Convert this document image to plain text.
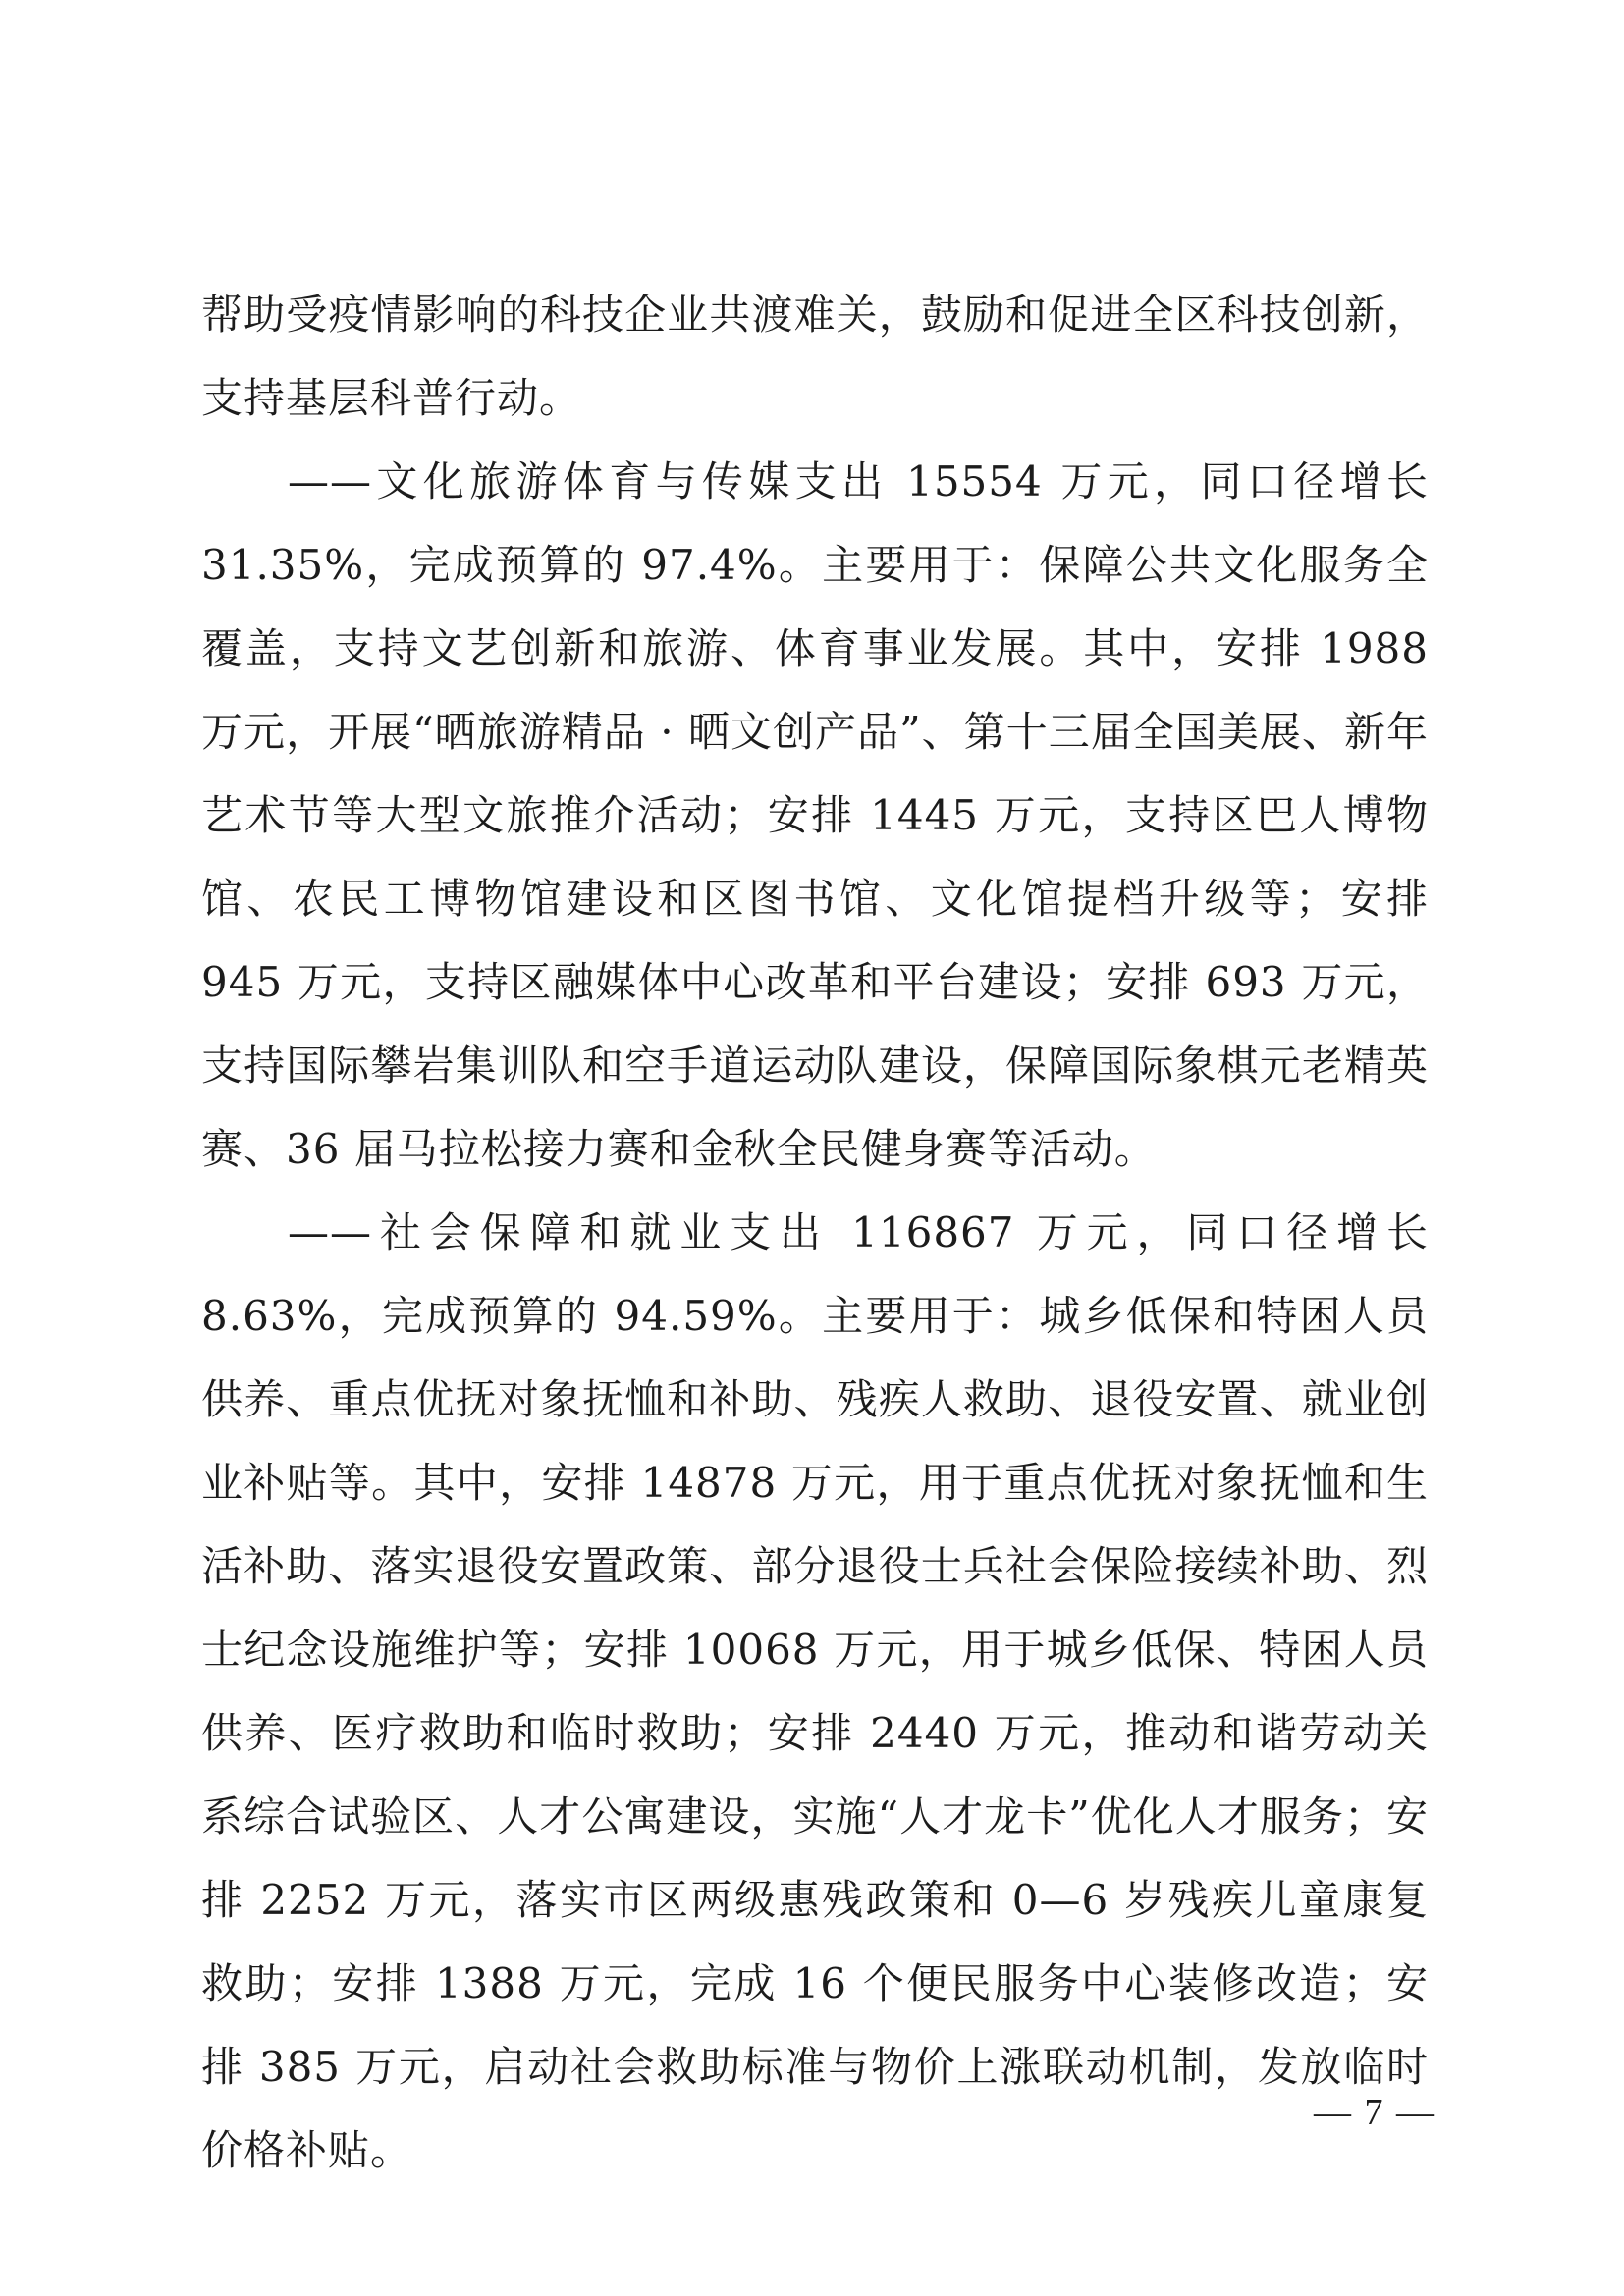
帮助受疫情影响的科技企业共渡难关，鼓励和促进全区科技创新，支持基层科普行动。

——文化旅游体育与传媒支出 15554 万元，同口径增长 31.35%，完成预算的 97.4%。主要用于：保障公共文化服务全覆盖，支持文艺创新和旅游、体育事业发展。其中，安排 1988 万元，开展“晒旅游精品 · 晒文创产品”、第十三届全国美展、新年艺术节等大型文旅推介活动；安排 1445 万元，支持区巴人博物馆、农民工博物馆建设和区图书馆、文化馆提档升级等；安排 945 万元，支持区融媒体中心改革和平台建设；安排 693 万元，支持国际攀岩集训队和空手道运动队建设，保障国际象棋元老精英赛、36 届马拉松接力赛和金秋全民健身赛等活动。

——社会保障和就业支出 116867 万元，同口径增长 8.63%，完成预算的 94.59%。主要用于：城乡低保和特困人员供养、重点优抚对象抚恤和补助、残疾人救助、退役安置、就业创业补贴等。其中，安排 14878 万元，用于重点优抚对象抚恤和生活补助、落实退役安置政策、部分退役士兵社会保险接续补助、烈士纪念设施维护等；安排 10068 万元，用于城乡低保、特困人员供养、医疗救助和临时救助；安排 2440 万元，推动和谐劳动关系综合试验区、人才公寓建设，实施“人才龙卡”优化人才服务；安排 2252 万元，落实市区两级惠残政策和 0—6 岁残疾儿童康复救助；安排 1388 万元，完成 16 个便民服务中心装修改造；安排 385 万元，启动社会救助标准与物价上涨联动机制，发放临时价格补贴。

— 7 —
